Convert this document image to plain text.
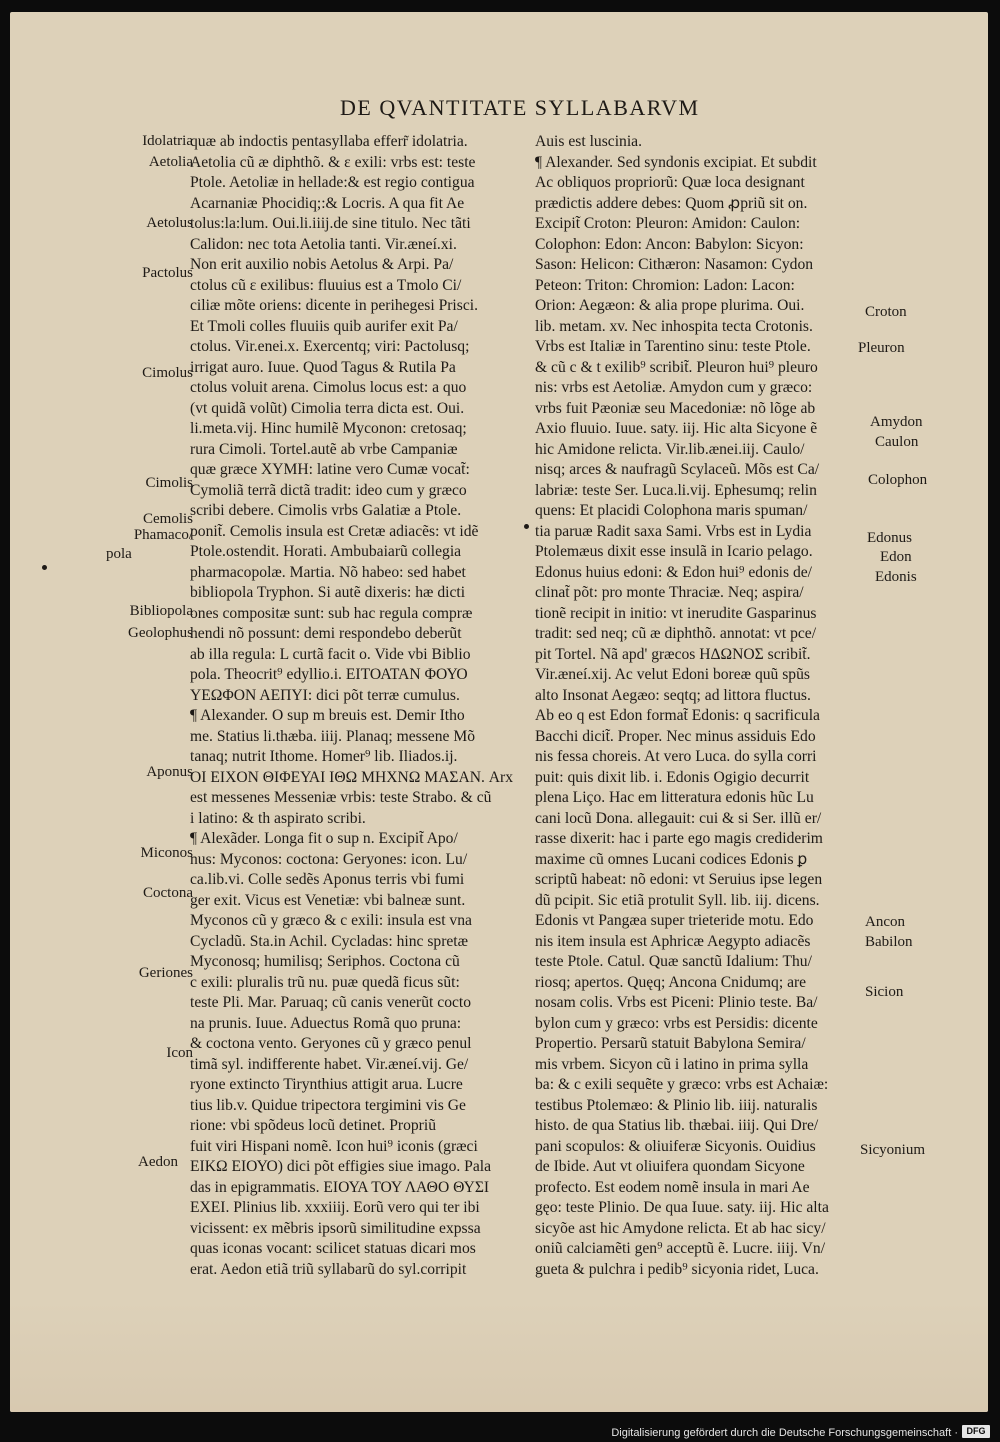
DE QVANTITATE SYLLABARVM
quæ ab indoctis pentasyllaba efferr̃ idolatria.
Aetolia cũ æ diphthõ. & ε exili: vrbs est: teste
Ptole. Aetoliæ in hellade:& est regio contigua
Acarnaniæ Phocidiq;:& Locris. A qua fit Ae
tolus:la:lum. Oui.li.iiij.de sine titulo. Nec tãti
Calidon: nec tota Aetolia tanti. Vir.æneí.xi.
Non erit auxilio nobis Aetolus & Arpi. Pa/
ctolus cũ ε exilibus: fluuius est a Tmolo Ci/
ciliæ mõte oriens: dicente in perihegesi Prisci.
Et Tmoli colles fluuiis quib aurifer exit Pa/
ctolus. Vir.enei.x. Exercentq; viri: Pactolusq;
irrigat auro. Iuue. Quod Tagus & Rutila Pa
ctolus voluit arena. Cimolus locus est: a quo
(vt quidã volũt) Cimolia terra dicta est. Oui.
li.meta.vij. Hinc humilẽ Myconon: cretosaq;
rura Cimoli. Tortel.autẽ ab vrbe Campaniæ
quæ græce ΧΥΜΗ: latine vero Cumæ vocat̃:
Cymoliã terrã dictã tradit: ideo cum y græco
scribi debere. Cimolis vrbs Galatiæ a Ptole.
ponit̃. Cemolis insula est Cretæ adiacẽs: vt idẽ
Ptole.ostendit. Horati. Ambubaiarũ collegia
pharmacopolæ. Martia. Nõ habeo: sed habet
bibliopola Tryphon. Si autẽ dixeris: hæ dicti
ones compositæ sunt: sub hac regula compræ
hendi nõ possunt: demi respondebo deberũt
ab illa regula: L curtã facit o. Vide vbi Biblio
pola. Theocrit⁹ edyllio.i. ΕΙΤΟΑΤΑΝ ΦΟΥΟ
ΥΕΩΦΟΝ ΑΕΠΥΙ: dici põt terræ cumulus.
¶ Alexander. O sup m breuis est. Demir Itho
me. Statius li.thæba. iiij. Planaq; messene Mõ
tanaq; nutrit Ithome. Homer⁹ lib. Iliados.ij.
ΟΙ ΕΙΧΟΝ ΘΙΦΕΥΑΙ ΙΘΩ ΜΗΧΝΩ ΜΑΣΑΝ. Arx
est messenes Messeniæ vrbis: teste Strabo. & cũ
i latino: & th aspirato scribi.
¶ Alexãder. Longa fit o sup n. Excipit̃ Apo/
nus: Myconos: coctona: Geryones: icon. Lu/
ca.lib.vi. Colle sedẽs Aponus terris vbi fumi
ger exit. Vicus est Venetiæ: vbi balneæ sunt.
Myconos cũ y græco & c exili: insula est vna
Cycladũ. Sta.in Achil. Cycladas: hinc spretæ
Myconosq; humilisq; Seriphos. Coctona cũ
c exili: pluralis trũ nu. puæ quedã ficus sũt:
teste Pli. Mar. Paruaq; cũ canis venerũt cocto
na prunis. Iuue. Aduectus Romã quo pruna:
& coctona vento. Geryones cũ y græco penul
timã syl. indifferente habet. Vir.æneí.vij. Ge/
ryone extincto Tirynthius attigit arua. Lucre
tius lib.v. Quidue tripectora tergimini vis Ge
rione: vbi spõdeus locũ detinet. Propriũ
fuit viri Hispani nomẽ. Icon hui⁹ iconis (græci
ΕΙΚΩ ΕΙΟΥΟ) dici põt effigies siue imago. Pala
das in epigrammatis. ΕΙΟΥΑ ΤΟΥ ΛΑΘΟ ΘΥΣΙ
ΕΧΕΙ. Plinius lib. xxxiiij. Eorũ vero qui ter ibi
vicissent: ex mẽbris ipsorũ similitudine expssa
quas iconas vocant: scilicet statuas dicari mos
erat. Aedon etiã triũ syllabarũ do syl.corripit
Auis est luscinia.
¶ Alexander. Sed syndonis excipiat. Et subdit
Ac obliquos propriorũ: Quæ loca designant
prædictis addere debes: Quom ꝓpriũ sit on.
Excipit̃ Croton: Pleuron: Amidon: Caulon:
Colophon: Edon: Ancon: Babylon: Sicyon:
Sason: Helicon: Cithæron: Nasamon: Cydon
Peteon: Triton: Chromion: Ladon: Lacon:
Orion: Aegæon: & alia prope plurima. Oui.
lib. metam. xv. Nec inhospita tecta Crotonis.
Vrbs est Italiæ in Tarentino sinu: teste Ptole.
& cũ c & t exilib⁹ scribit̃. Pleuron hui⁹ pleuro
nis: vrbs est Aetoliæ. Amydon cum y græco:
vrbs fuit Pæoniæ seu Macedoniæ: nõ lõge ab
Axio fluuio. Iuue. saty. iij. Hic alta Sicyone ẽ
hic Amidone relicta. Vir.lib.ænei.iij. Caulo/
nisq; arces & naufragũ Scylaceũ. Mõs est Ca/
labriæ: teste Ser. Luca.li.vij. Ephesumq; relin
quens: Et placidi Colophona maris spuman/
tia paruæ Radit saxa Sami. Vrbs est in Lydia
Ptolemæus dixit esse insulã in Icario pelago.
Edonus huius edoni: & Edon hui⁹ edonis de/
clinat̃ põt: pro monte Thraciæ. Neq; aspira/
tionẽ recipit in initio: vt inerudite Gasparinus
tradit: sed neq; cũ æ diphthõ. annotat: vt pce/
pit Tortel. Nã apd' græcos ΗΔΩΝΟΣ scribit̃.
Vir.æneí.xij. Ac velut Edoni boreæ quũ spũs
alto Insonat Aegæo: seqtq; ad littora fluctus.
Ab eo q est Edon format̃ Edonis: q sacrificula
Bacchi dicit̃. Proper. Nec minus assiduis Edo
nis fessa choreis. At vero Luca. do sylla corri
puit: quis dixit lib. i. Edonis Ogigio decurrit
plena Liço. Hac em litteratura edonis hũc Lu
cani locũ Dona. allegauit: cui & si Ser. illũ er/
rasse dixerit: hac i parte ego magis crediderim
maxime cũ omnes Lucani codices Edonis ꝑ
scriptũ habeat: nõ edoni: vt Seruius ipse legen
dũ pcipit. Sic etiã protulit Syll. lib. iij. dicens.
Edonis vt Pangæa super trieteride motu. Edo
nis item insula est Aphricæ Aegypto adiacẽs
teste Ptole. Catul. Quæ sanctũ Idalium: Thu/
riosq; apertos. Quęq; Ancona Cnidumq; are
nosam colis. Vrbs est Piceni: Plinio teste. Ba/
bylon cum y græco: vrbs est Persidis: dicente
Propertio. Persarũ statuit Babylona Semira/
mis vrbem. Sicyon cũ i latino in prima sylla
ba: & c exili sequẽte y græco: vrbs est Achaiæ:
testibus Ptolemæo: & Plinio lib. iiij. naturalis
histo. de qua Statius lib. thæbai. iiij. Qui Dre/
pani scopulos: & oliuiferæ Sicyonis. Ouidius
de Ibide. Aut vt oliuifera quondam Sicyone
profecto. Est eodem nomẽ insula in mari Ae
gęo: teste Plinio. De qua Iuue. saty. iij. Hic alta
sicyõe ast hic Amydone relicta. Et ab hac sicy/
oniũ calciamẽti gen⁹ acceptũ ẽ. Lucre. iiij. Vn/
gueta & pulchra i pedib⁹ sicyonia ridet, Luca.
Idolatria
Aetolia
Aetolus
Pactolus
Cimolus
Cimolis
Cemolis
Phamaco/
pola
Bibliopola
Geolophus
Aponus
Miconos
Coctona
Geriones
Icon
Aedon
Croton
Pleuron
Amydon
Caulon
Colophon
Edonus
Edon
Edonis
Ancon
Babilon
Sicion
Sicyonium
Digitalisierung gefördert durch die Deutsche Forschungsgemeinschaft · DFG
